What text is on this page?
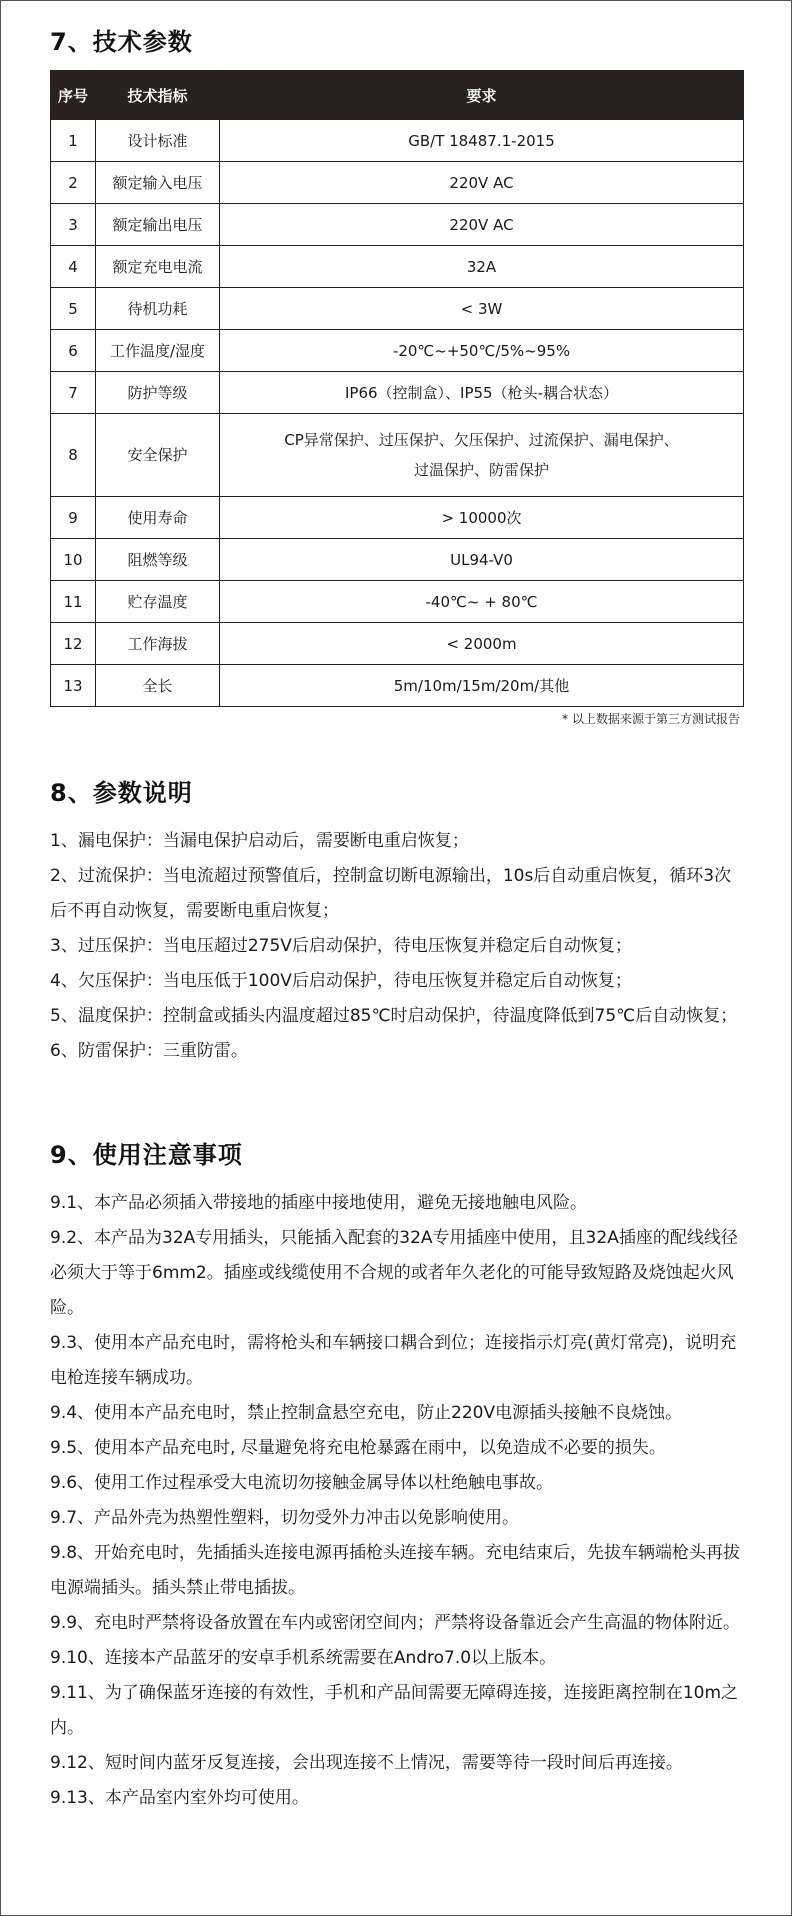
7、技术参数
序号	技术指标	要求
1	设计标准	GB/T 18487.1-2015
2	额定输入电压	220V AC
3	额定输出电压	220V AC
4	额定充电电流	32A
5	待机功耗	< 3W
6	工作温度/湿度	-20℃~+50℃/5%~95%
7	防护等级	IP66（控制盒）、IP55（枪头-耦合状态）
8	安全保护	CP异常保护、过压保护、欠压保护、过流保护、漏电保护、
过温保护、防雷保护
9	使用寿命	> 10000次
10	阻燃等级	UL94-V0
11	贮存温度	-40℃~ + 80℃
12	工作海拔	< 2000m
13	全长	5m/10m/15m/20m/其他
* 以上数据来源于第三方测试报告
8、参数说明

1、漏电保护：当漏电保护启动后，需要断电重启恢复；

2、过流保护：当电流超过预警值后，控制盒切断电源输出，10s后自动重启恢复，循环3次后不再自动恢复，需要断电重启恢复；

3、过压保护：当电压超过275V后启动保护，待电压恢复并稳定后自动恢复；

4、欠压保护：当电压低于100V后启动保护，待电压恢复并稳定后自动恢复；

5、温度保护：控制盒或插头内温度超过85℃时启动保护，待温度降低到75℃后自动恢复；

6、防雷保护：三重防雷。

9、使用注意事项

9.1、本产品必须插入带接地的插座中接地使用，避免无接地触电风险。

9.2、本产品为32A专用插头，只能插入配套的32A专用插座中使用，且32A插座的配线线径必须大于等于6mm2。插座或线缆使用不合规的或者年久老化的可能导致短路及烧蚀起火风险。

9.3、使用本产品充电时，需将枪头和车辆接口耦合到位；连接指示灯亮(黄灯常亮)，说明充电枪连接车辆成功。

9.4、使用本产品充电时，禁止控制盒悬空充电，防止220V电源插头接触不良烧蚀。

9.5、使用本产品充电时, 尽量避免将充电枪暴露在雨中，以免造成不必要的损失。

9.6、使用工作过程承受大电流切勿接触金属导体以杜绝触电事故。

9.7、产品外壳为热塑性塑料，切勿受外力冲击以免影响使用。

9.8、开始充电时，先插插头连接电源再插枪头连接车辆。充电结束后，先拔车辆端枪头再拔电源端插头。插头禁止带电插拔。

9.9、充电时严禁将设备放置在车内或密闭空间内；严禁将设备靠近会产生高温的物体附近。

9.10、连接本产品蓝牙的安卓手机系统需要在Andro7.0以上版本。

9.11、为了确保蓝牙连接的有效性，手机和产品间需要无障碍连接，连接距离控制在10m之内。

9.12、短时间内蓝牙反复连接，会出现连接不上情况，需要等待一段时间后再连接。

9.13、本产品室内室外均可使用。
